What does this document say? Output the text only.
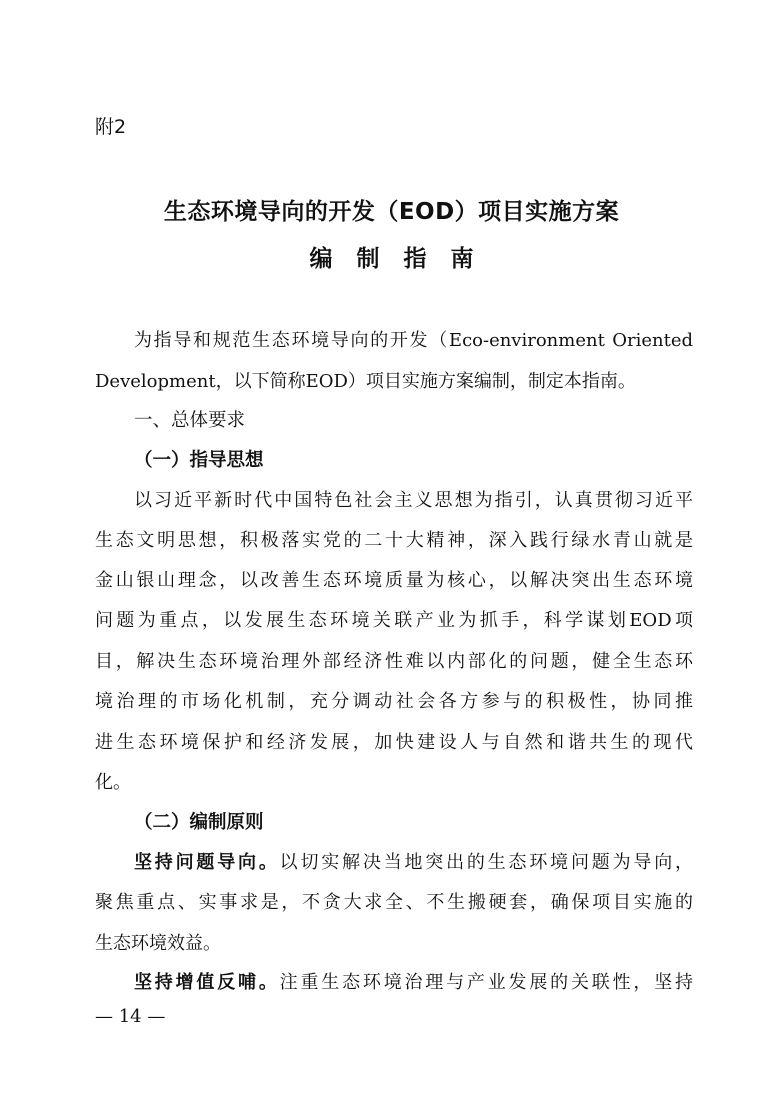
附2
生态环境导向的开发（EOD）项目实施方案
编制指南
为指导和规范生态环境导向的开发（Eco-environment Oriented
Development，以下简称EOD）项目实施方案编制，制定本指南。
一、总体要求
（一）指导思想
以习近平新时代中国特色社会主义思想为指引，认真贯彻习近平
生态文明思想，积极落实党的二十大精神，深入践行绿水青山就是
金山银山理念，以改善生态环境质量为核心，以解决突出生态环境
问题为重点，以发展生态环境关联产业为抓手，科学谋划EOD项
目，解决生态环境治理外部经济性难以内部化的问题，健全生态环
境治理的市场化机制，充分调动社会各方参与的积极性，协同推
进生态环境保护和经济发展，加快建设人与自然和谐共生的现代
化。
（二）编制原则
坚持问题导向。以切实解决当地突出的生态环境问题为导向，
聚焦重点、实事求是，不贪大求全、不生搬硬套，确保项目实施的
生态环境效益。
坚持增值反哺。注重生态环境治理与产业发展的关联性，坚持
— 14 —
